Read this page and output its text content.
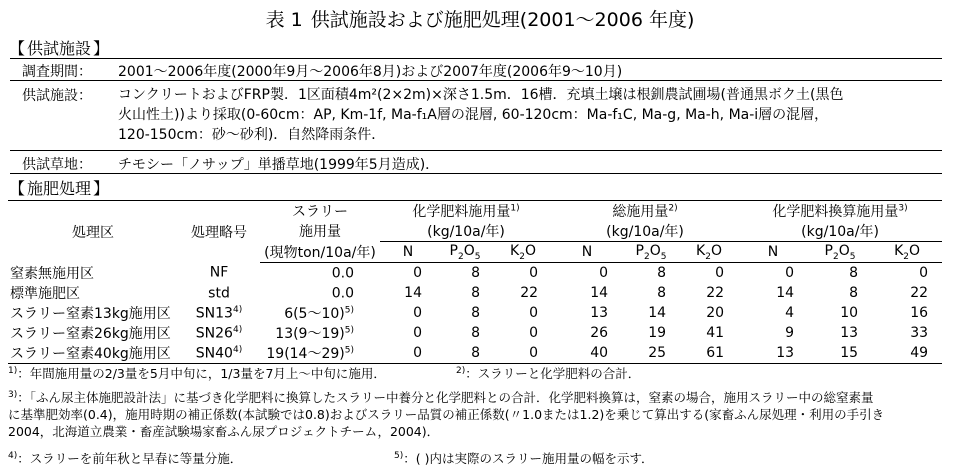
表 1 供試施設および施肥処理(2001～2006 年度)
【 供試施設 】
調査期間： 2001～2006年度(2000年9月～2006年8月)および2007年度(2006年9～10月)
供試施設： コンクリートおよびFRP製．1区面積4m²(2×2m)×深さ1.5m．16槽．充填土壌は根釧農試圃場(普通黒ボク土(黒色
火山性土))より採取(0-60cm：AP, Km-1f, Ma-f₁A層の混層, 60-120cm：Ma-f₁C, Ma-g, Ma-h, Ma-i層の混層，
120-150cm：砂～砂利)．自然降雨条件．
供試草地： チモシー「ノサップ」単播草地(1999年5月造成)．
【 施肥処理 】
処理区	処理略号	スラリー	化学肥料施用量$^{1)}$			総施用量$^{2)}$			化学肥料換算施用量$^{3)}$
		施用量	(kg/10a/年)			(kg/10a/年)			(kg/10a/年)		
		(現物ton/10a/年)	N	$P_2O_5$	$K_2O$	N	$P_2O_5$	$K_2O$	N	$P_2O_5$	$K_2O$
窒素無施用区	NF	0.0	0	8	0	0	8	0	0	8	0
標準施肥区	std	0.0	14	8	22	14	8	22	14	8	22
スラリー窒素13kg施用区	SN13$^{4)}$	6(5～10)$^{5)}$	0	8	0	13	14	20	4	10	16
スラリー窒素26kg施用区	SN26$^{4)}$	13(9～19)$^{5)}$	0	8	0	26	19	41	9	13	33
スラリー窒素40kg施用区	SN40$^{4)}$	19(14～29)$^{5)}$	0	8	0	40	25	61	13	15	49
$^{1)}$：年間施用量の2/3量を5月中旬に，1/3量を7月上～中旬に施用．	$^{2)}$：スラリーと化学肥料の合計．
$^{3)}$：「ふん尿主体施肥設計法」に基づき化学肥料に換算したスラリー中養分と化学肥料との合計．化学肥料換算は，窒素の場合，施用スラリー中の総窒素量
に基準肥効率(0.4)，施用時期の補正係数(本試験では0.8)およびスラリー品質の補正係数(〃1.0または1.2)を乗じて算出する(家畜ふん尿処理・利用の手引き
2004，北海道立農業・畜産試験場家畜ふん尿プロジェクトチーム，2004)．
$^{4)}$：スラリーを前年秋と早春に等量分施．	$^{5)}$：( )内は実際のスラリー施用量の幅を示す．
